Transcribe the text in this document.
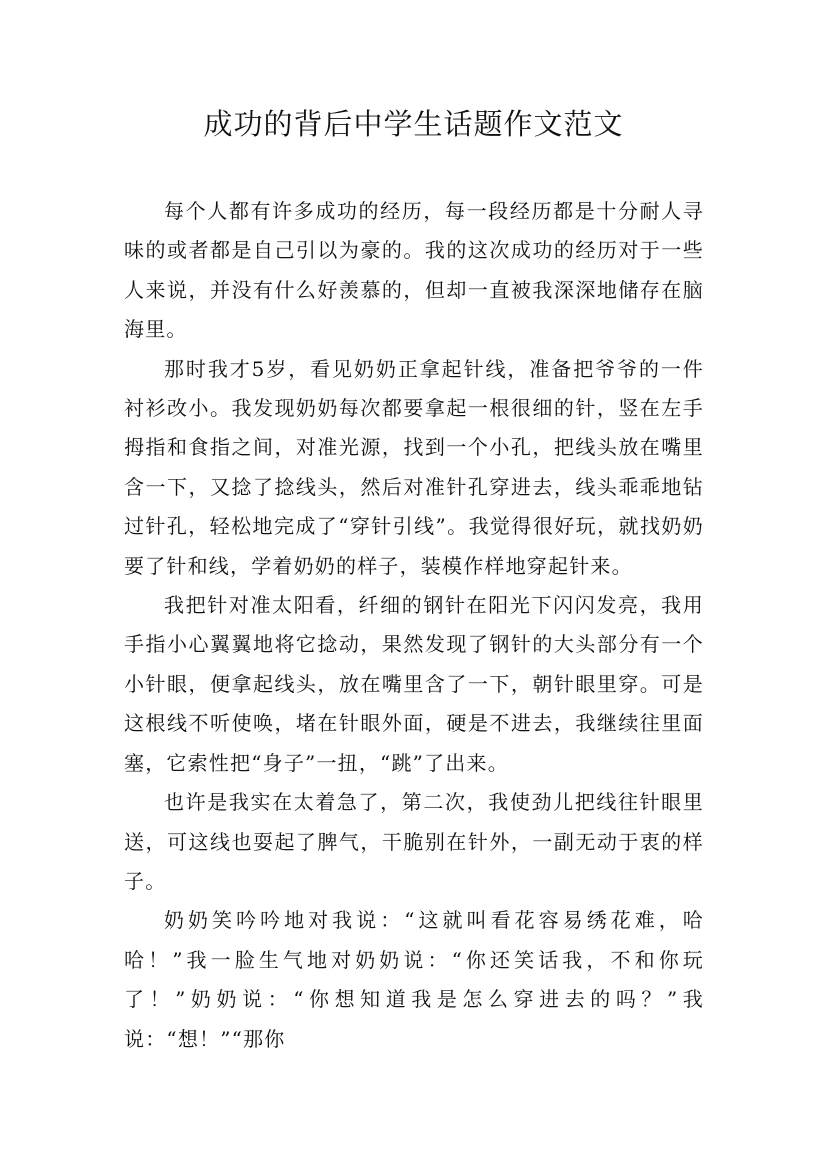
成功的背后中学生话题作文范文

每个人都有许多成功的经历，每一段经历都是十分耐人寻味的或者都是自己引以为豪的。我的这次成功的经历对于一些人来说，并没有什么好羡慕的，但却一直被我深深地储存在脑海里。

那时我才5岁，看见奶奶正拿起针线，准备把爷爷的一件衬衫改小。我发现奶奶每次都要拿起一根很细的针，竖在左手拇指和食指之间，对准光源，找到一个小孔，把线头放在嘴里含一下，又捻了捻线头，然后对准针孔穿进去，线头乖乖地钻过针孔，轻松地完成了“穿针引线”。我觉得很好玩，就找奶奶要了针和线，学着奶奶的样子，装模作样地穿起针来。

我把针对准太阳看，纤细的钢针在阳光下闪闪发亮，我用手指小心翼翼地将它捻动，果然发现了钢针的大头部分有一个小针眼，便拿起线头，放在嘴里含了一下，朝针眼里穿。可是这根线不听使唤，堵在针眼外面，硬是不进去，我继续往里面塞，它索性把“身子”一扭，“跳”了出来。

也许是我实在太着急了，第二次，我使劲儿把线往针眼里送，可这线也耍起了脾气，干脆别在针外，一副无动于衷的样子。

奶奶笑吟吟地对我说：“这就叫看花容易绣花难，哈哈！”我一脸生气地对奶奶说：“你还笑话我，不和你玩了！”奶奶说：“你想知道我是怎么穿进去的吗？”我说：“想！”“那你
